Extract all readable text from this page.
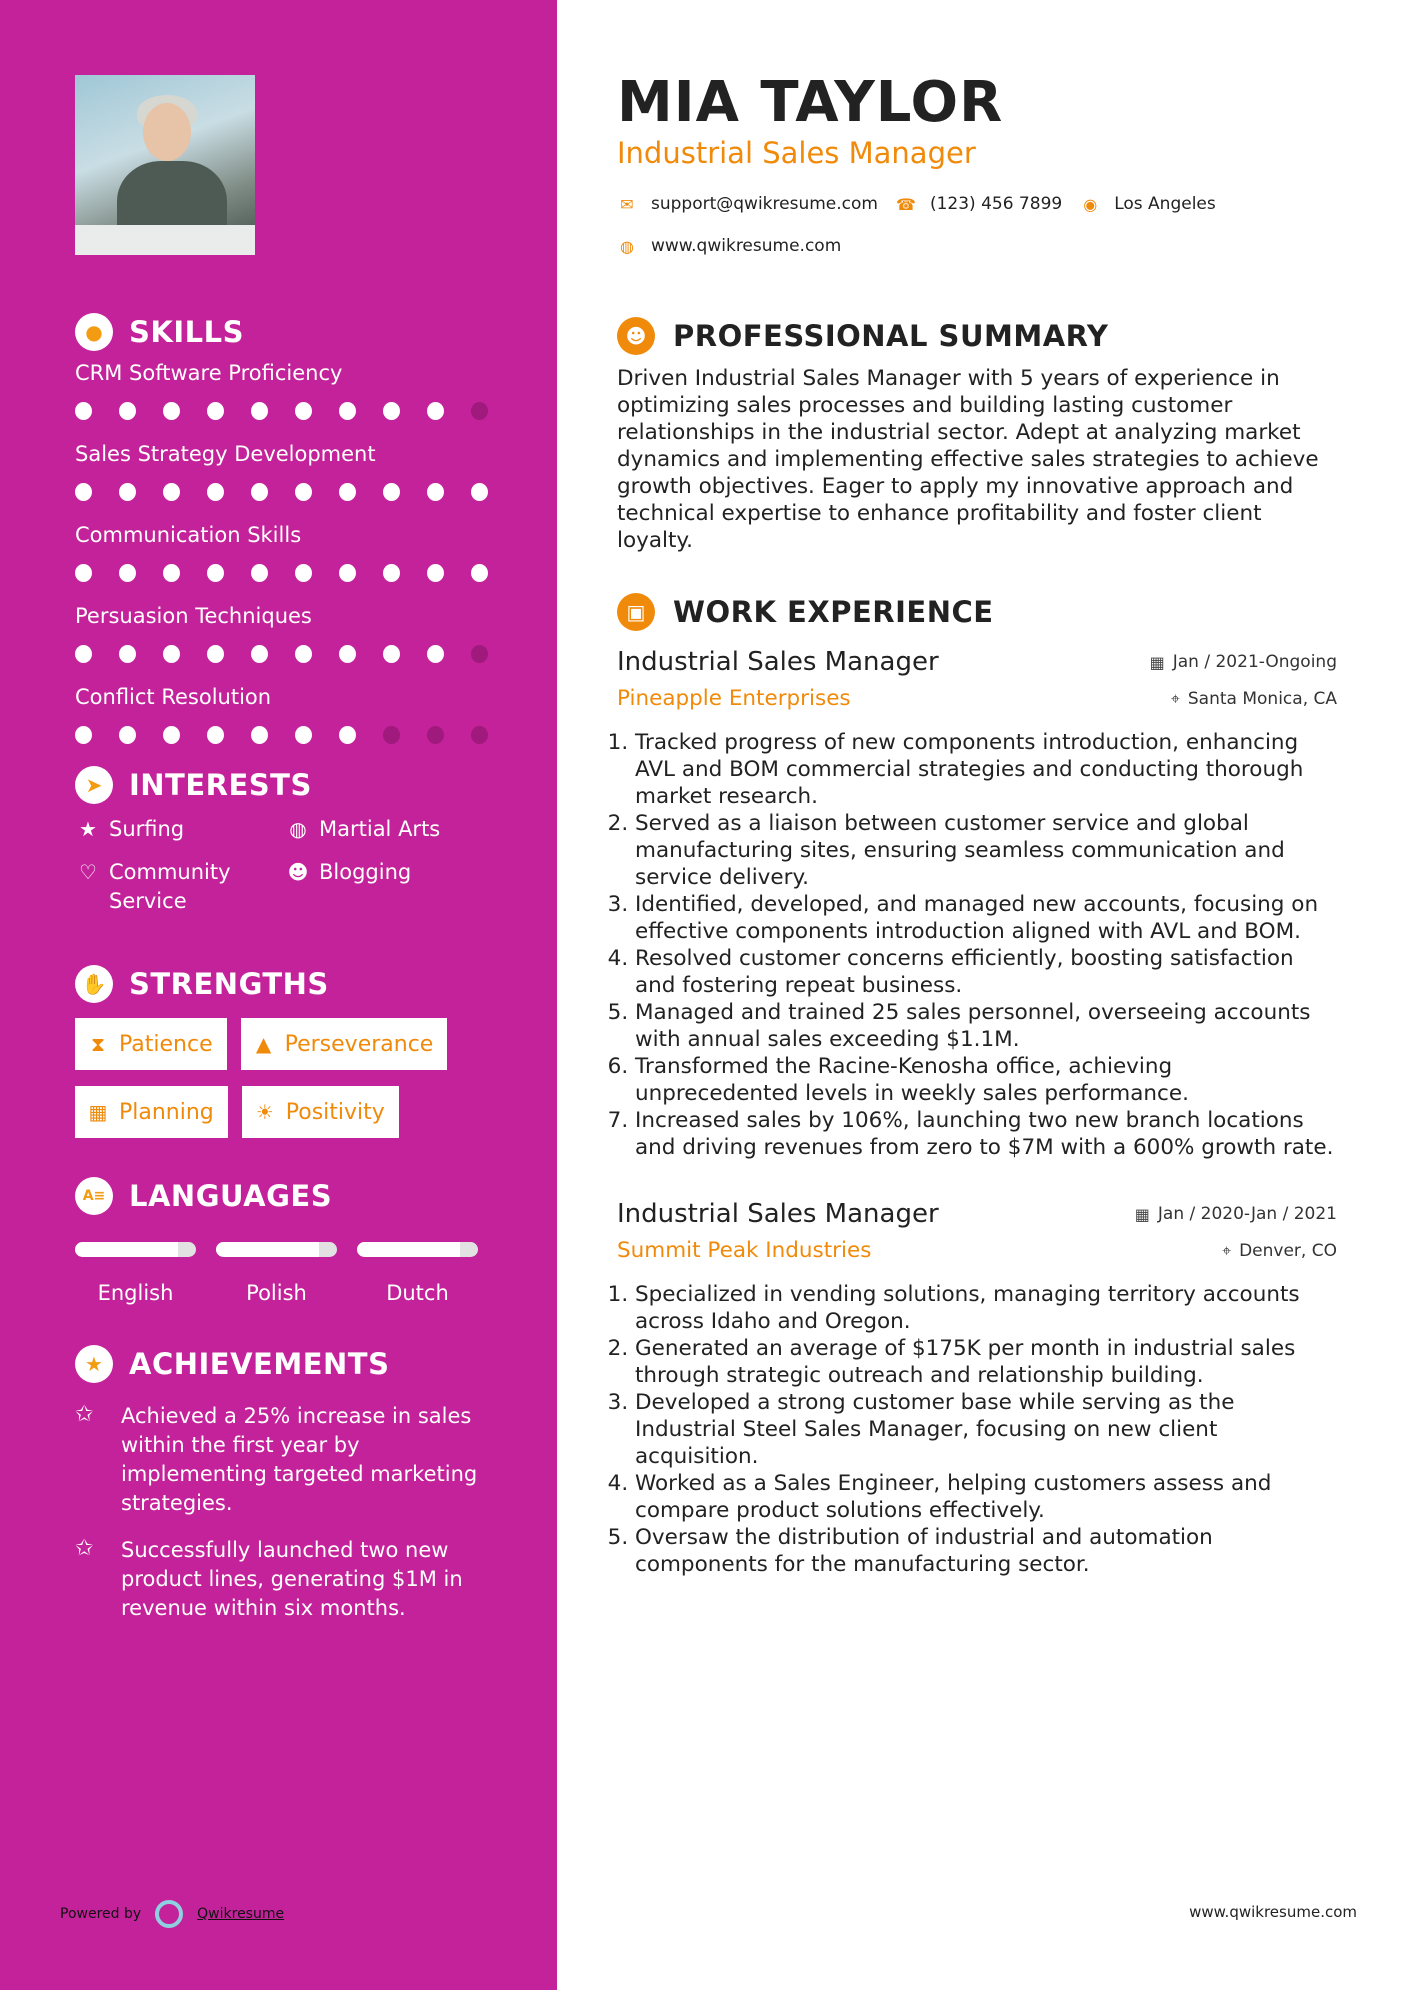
● SKILLS
CRM Software Proficiency
Sales Strategy Development
Communication Skills
Persuasion Techniques
Conflict Resolution
➤ INTERESTS
★ Surfing	◍ Martial Arts
♡ Community Service
☻ Blogging
✋ STRENGTHS
⧗ Patience ▲ Perseverance
▦ Planning ☀ Positivity
A≡ LANGUAGES
English	Polish	Dutch
★ ACHIEVEMENTS
✩	Achieved a 25% increase in sales within the first year by implementing targeted marketing strategies.
✩	Successfully launched two new product lines, generating $1M in revenue within six months.
Powered by	Qwikresume
MIA TAYLOR
Industrial Sales Manager
✉ support@qwikresume.com ☎ (123) 456 7899 ◉ Los Angeles
◍ www.qwikresume.com
☻ PROFESSIONAL SUMMARY
Driven Industrial Sales Manager with 5 years of experience in optimizing sales processes and building lasting customer relationships in the industrial sector. Adept at analyzing market dynamics and implementing effective sales strategies to achieve growth objectives. Eager to apply my innovative approach and technical expertise to enhance profitability and foster client loyalty.
▣ WORK EXPERIENCE
Industrial Sales Manager	▦ Jan / 2021-Ongoing
Pineapple Enterprises	⌖ Santa Monica, CA
1. Tracked progress of new components introduction, enhancing AVL and BOM commercial strategies and conducting thorough market research.
2. Served as a liaison between customer service and global manufacturing sites, ensuring seamless communication and service delivery.
3. Identified, developed, and managed new accounts, focusing on effective components introduction aligned with AVL and BOM.
4. Resolved customer concerns efficiently, boosting satisfaction and fostering repeat business.
5. Managed and trained 25 sales personnel, overseeing accounts with annual sales exceeding $1.1M.
6. Transformed the Racine-Kenosha office, achieving unprecedented levels in weekly sales performance.
7. Increased sales by 106%, launching two new branch locations and driving revenues from zero to $7M with a 600% growth rate.
Industrial Sales Manager	▦ Jan / 2020-Jan / 2021
Summit Peak Industries	⌖ Denver, CO
1. Specialized in vending solutions, managing territory accounts across Idaho and Oregon.
2. Generated an average of $175K per month in industrial sales through strategic outreach and relationship building.
3. Developed a strong customer base while serving as the Industrial Steel Sales Manager, focusing on new client acquisition.
4. Worked as a Sales Engineer, helping customers assess and compare product solutions effectively.
5. Oversaw the distribution of industrial and automation components for the manufacturing sector.
www.qwikresume.com
